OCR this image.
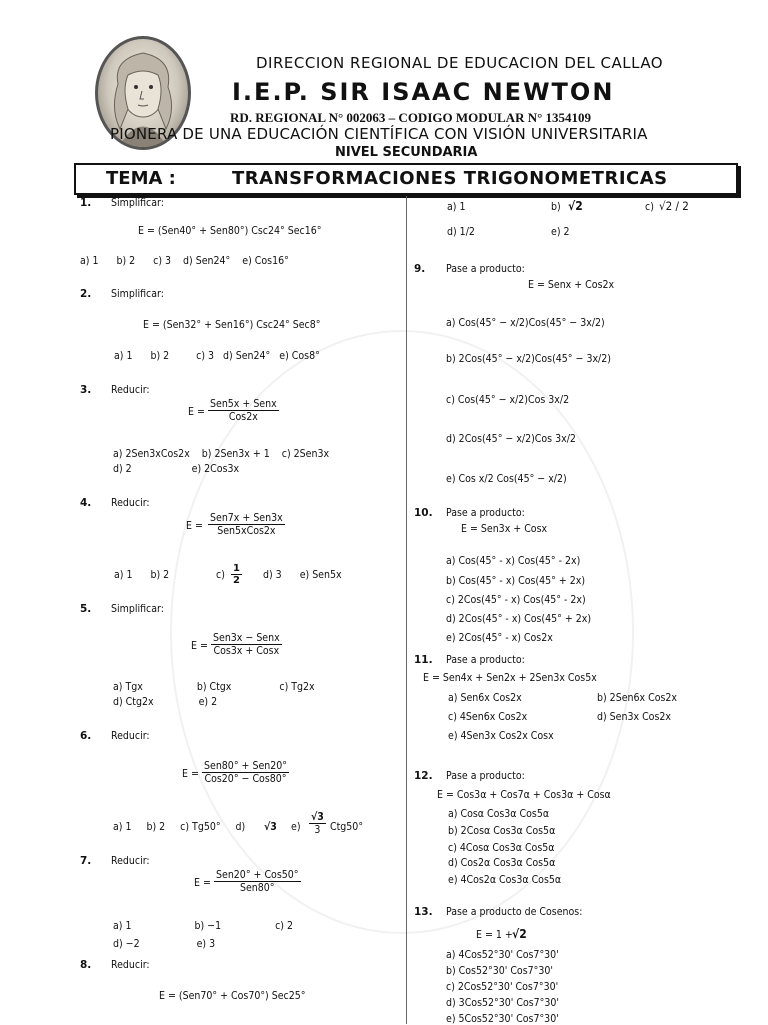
DIRECCION REGIONAL DE EDUCACION DEL CALLAO
I.E.P. SIR ISAAC NEWTON
RD. REGIONAL N° 002063 – CODIGO MODULAR N° 1354109
PIONERA DE UNA EDUCACIÓN CIENTÍFICA CON VISIÓN UNIVERSITARIA
NIVEL SECUNDARIA
TEMA :	TRANSFORMACIONES TRIGONOMETRICAS
1. Simplificar:
E = (Sen40° + Sen80°) Csc24° Sec16°
a) 1      b) 2      c) 3    d) Sen24°    e) Cos16°
2. Simplificar:
E = (Sen32° + Sen16°) Csc24° Sec8°
a) 1      b) 2         c) 3   d) Sen24°   e) Cos8°
3. Reducir:
E =
Sen5x + Senx
Cos2x
a) 2Sen3xCos2x    b) 2Sen3x + 1    c) 2Sen3x
d) 2                    e) 2Cos3x
4. Reducir:
E =
Sen7x + Sen3x
Sen5xCos2x
a) 1      b) 2	c)
1
2 d) 3      e) Sen5x
5. Simplificar:
E =
Sen3x − Senx
Cos3x + Cosx
a) Tgx                  b) Ctgx                c) Tg2x
d) Ctg2x               e) 2
6. Reducir:
E =
Sen80° + Sen20°
Cos20° − Cos80°
a) 1     b) 2     c) Tg50°     d) √3 e)
√3
3 Ctg50°
7. Reducir:
E =
Sen20° + Cos50°
Sen80°
a) 1                     b) −1                  c) 2
d) −2                   e) 3
8. Reducir:
E = (Sen70° + Cos70°) Sec25°
a) 1	b) √2	c) √2 / 2
d) 1/2	e) 2
9. Pase a producto:
E = Senx + Cos2x
a) Cos(45° − x/2)Cos(45° − 3x/2)
b) 2Cos(45° − x/2)Cos(45° − 3x/2)
c) Cos(45° − x/2)Cos 3x/2
d) 2Cos(45° − x/2)Cos 3x/2
e) Cos x/2 Cos(45° − x/2)
10. Pase a producto:
E = Sen3x + Cosx
a) Cos(45° - x) Cos(45° - 2x)
b) Cos(45° - x) Cos(45° + 2x)
c) 2Cos(45° - x) Cos(45° - 2x)
d) 2Cos(45° - x) Cos(45° + 2x)
e) 2Cos(45° - x) Cos2x
11. Pase a producto:
E = Sen4x + Sen2x + 2Sen3x Cos5x
a) Sen6x Cos2x	b) 2Sen6x Cos2x
c) 4Sen6x Cos2x	d) Sen3x Cos2x
e) 4Sen3x Cos2x Cosx
12. Pase a producto:
E = Cos3α + Cos7α + Cos3α + Cosα
a) Cosα Cos3α Cos5α
b) 2Cosα Cos3α Cos5α
c) 4Cosα Cos3α Cos5α
d) Cos2α Cos3α Cos5α
e) 4Cos2α Cos3α Cos5α
13. Pase a producto de Cosenos:
E = 1 + √2
a) 4Cos52°30' Cos7°30'
b) Cos52°30' Cos7°30'
c) 2Cos52°30' Cos7°30'
d) 3Cos52°30' Cos7°30'
e) 5Cos52°30' Cos7°30'
